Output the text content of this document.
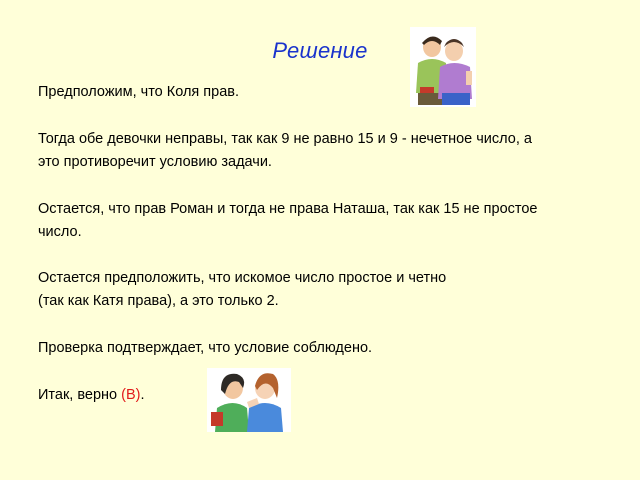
Решение
Предположим, что Коля прав.
Тогда обе девочки неправы, так как 9 не равно 15 и 9 - нечетное число, а
это противоречит условию задачи.
Остается, что прав Роман и тогда не права Наташа, так как 15 не простое
число.
Остается предположить, что искомое число простое и четно
(так как Катя права), а это только 2.
Проверка подтверждает, что условие соблюдено.
Итак, верно (В).
